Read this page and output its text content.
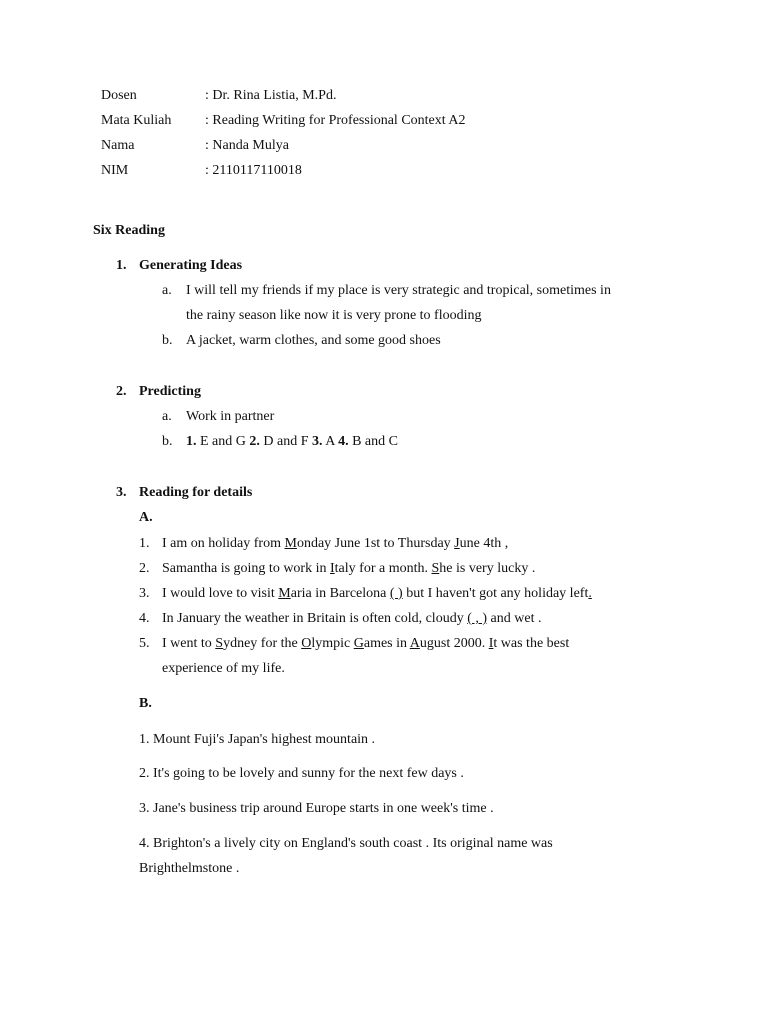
Dosen	: Dr. Rina Listia, M.Pd.
Mata Kuliah : Reading Writing for Professional Context A2
Nama	: Nanda Mulya
NIM	: 2110117110018
Six Reading
1. Generating Ideas
a. I will tell my friends if my place is very strategic and tropical, sometimes in
the rainy season like now it is very prone to flooding
b. A jacket, warm clothes, and some good shoes
2. Predicting
a. Work in partner
b. 1. E and G 2. D and F 3. A 4. B and C
3. Reading for details
A.
1. I am on holiday from Monday June 1st to Thursday June 4th ,
2. Samantha is going to work in Italy for a month. She is very lucky .
3. I would love to visit Maria in Barcelona ( ) but I haven't got any holiday left.
4. In January the weather in Britain is often cold, cloudy ( , ) and wet .
5. I went to Sydney for the Olympic Games in August 2000. It was the best
experience of my life.
B.
1. Mount Fuji's Japan's highest mountain .
2. It's going to be lovely and sunny for the next few days .
3. Jane's business trip around Europe starts in one week's time .
4. Brighton's a lively city on England's south coast . Its original name was
Brighthelmstone .
